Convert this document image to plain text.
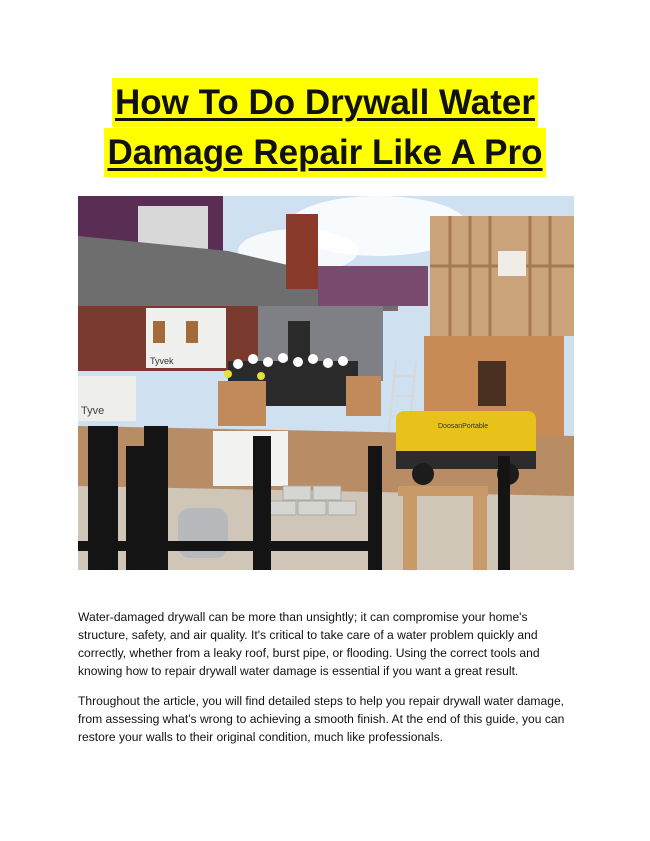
How To Do Drywall Water
Damage Repair Like A Pro
Tyvek
Tyve
DoosanPortable

Water-damaged drywall can be more than unsightly; it can compromise your home's structure, safety, and air quality. It's critical to take care of a water problem quickly and correctly, whether from a leaky roof, burst pipe, or flooding. Using the correct tools and knowing how to repair drywall water damage is essential if you want a great result.

Throughout the article, you will find detailed steps to help you repair drywall water damage, from assessing what's wrong to achieving a smooth finish. At the end of this guide, you can restore your walls to their original condition, much like professionals.
